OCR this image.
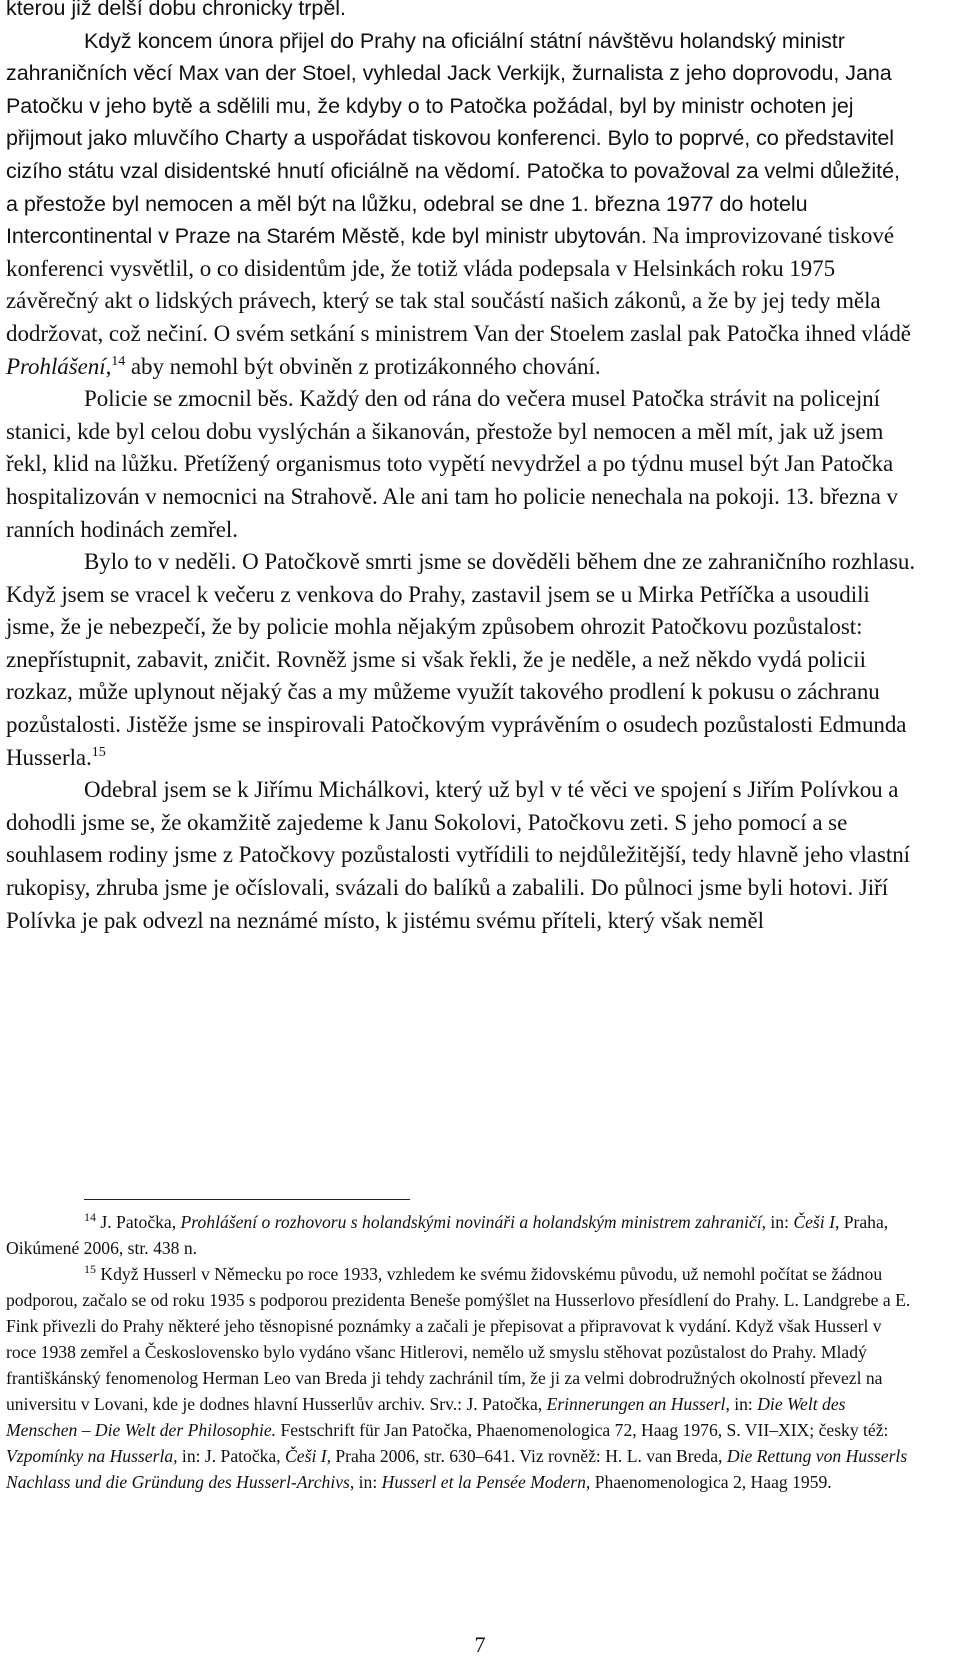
kterou již delší dobu chronicky trpěl.

Když koncem února přijel do Prahy na oficiální státní návštěvu holandský ministr zahraničních věcí Max van der Stoel, vyhledal Jack Verkijk, žurnalista z jeho doprovodu, Jana Patočku v jeho bytě a sdělili mu, že kdyby o to Patočka požádal, byl by ministr ochoten jej přijmout jako mluvčího Charty a uspořádat tiskovou konferenci. Bylo to poprvé, co představitel cizího státu vzal disidentské hnutí oficiálně na vědomí. Patočka to považoval za velmi důležité, a přestože byl nemocen a měl být na lůžku, odebral se dne 1. března 1977 do hotelu Intercontinental v Praze na Starém Městě, kde byl ministr ubytován. Na improvizované tiskové konferenci vysvětlil, o co disidentům jde, že totiž vláda podepsala v Helsinkách roku 1975 závěrečný akt o lidských právech, který se tak stal součástí našich zákonů, a že by jej tedy měla dodržovat, což nečiní. O svém setkání s ministrem Van der Stoelem zaslal pak Patočka ihned vládě Prohlášení,$^{14}$ aby nemohl být obviněn z protizákonného chování.

Policie se zmocnil běs. Každý den od rána do večera musel Patočka strávit na policejní stanici, kde byl celou dobu vyslýchán a šikanován, přestože byl nemocen a měl mít, jak už jsem řekl, klid na lůžku. Přetížený organismus toto vypětí nevydržel a po týdnu musel být Jan Patočka hospitalizován v nemocnici na Strahově. Ale ani tam ho policie nenechala na pokoji. 13. března v ranních hodinách zemřel.

Bylo to v neděli. O Patočkově smrti jsme se dověděli během dne ze zahraničního rozhlasu. Když jsem se vracel k večeru z venkova do Prahy, zastavil jsem se u Mirka Petříčka a usoudili jsme, že je nebezpečí, že by policie mohla nějakým způsobem ohrozit Patočkovu pozůstalost: znepřístupnit, zabavit, zničit. Rovněž jsme si však řekli, že je neděle, a než někdo vydá policii rozkaz, může uplynout nějaký čas a my můžeme využít takového prodlení k pokusu o záchranu pozůstalosti. Jistěže jsme se inspirovali Patočkovým vyprávěním o osudech pozůstalosti Edmunda Husserla.$^{15}$

Odebral jsem se k Jiřímu Michálkovi, který už byl v té věci ve spojení s Jiřím Polívkou a dohodli jsme se, že okamžitě zajedeme k Janu Sokolovi, Patočkovu zeti. S jeho pomocí a se souhlasem rodiny jsme z Patočkovy pozůstalosti vytřídili to nejdůležitější, tedy hlavně jeho vlastní rukopisy, zhruba jsme je očíslovali, svázali do balíků a zabalili. Do půlnoci jsme byli hotovi. Jiří Polívka je pak odvezl na neznámé místo, k jistému svému příteli, který však neměl

$^{14}$ J. Patočka, Prohlášení o rozhovoru s holandskými novináři a holandským ministrem zahraničí, in: Češi I, Praha, Oikúmené 2006, str. 438 n.

$^{15}$ Když Husserl v Německu po roce 1933, vzhledem ke svému židovskému původu, už nemohl počítat se žádnou podporou, začalo se od roku 1935 s podporou prezidenta Beneše pomýšlet na Husserlovo přesídlení do Prahy. L. Landgrebe a E. Fink přivezli do Prahy některé jeho těsnopisné poznámky a začali je přepisovat a připravovat k vydání. Když však Husserl v roce 1938 zemřel a Československo bylo vydáno všanc Hitlerovi, nemělo už smyslu stěhovat pozůstalost do Prahy. Mladý františkánský fenomenolog Herman Leo van Breda ji tehdy zachránil tím, že ji za velmi dobrodružných okolností převezl na universitu v Lovani, kde je dodnes hlavní Husserlův archiv. Srv.: J. Patočka, Erinnerungen an Husserl, in: Die Welt des Menschen – Die Welt der Philosophie. Festschrift für Jan Patočka, Phaenomenologica 72, Haag 1976, S. VII–XIX; česky též: Vzpomínky na Husserla, in: J. Patočka, Češi I, Praha 2006, str. 630–641. Viz rovněž: H. L. van Breda, Die Rettung von Husserls Nachlass und die Gründung des Husserl-Archivs, in: Husserl et la Pensée Modern, Phaenomenologica 2, Haag 1959.

7
